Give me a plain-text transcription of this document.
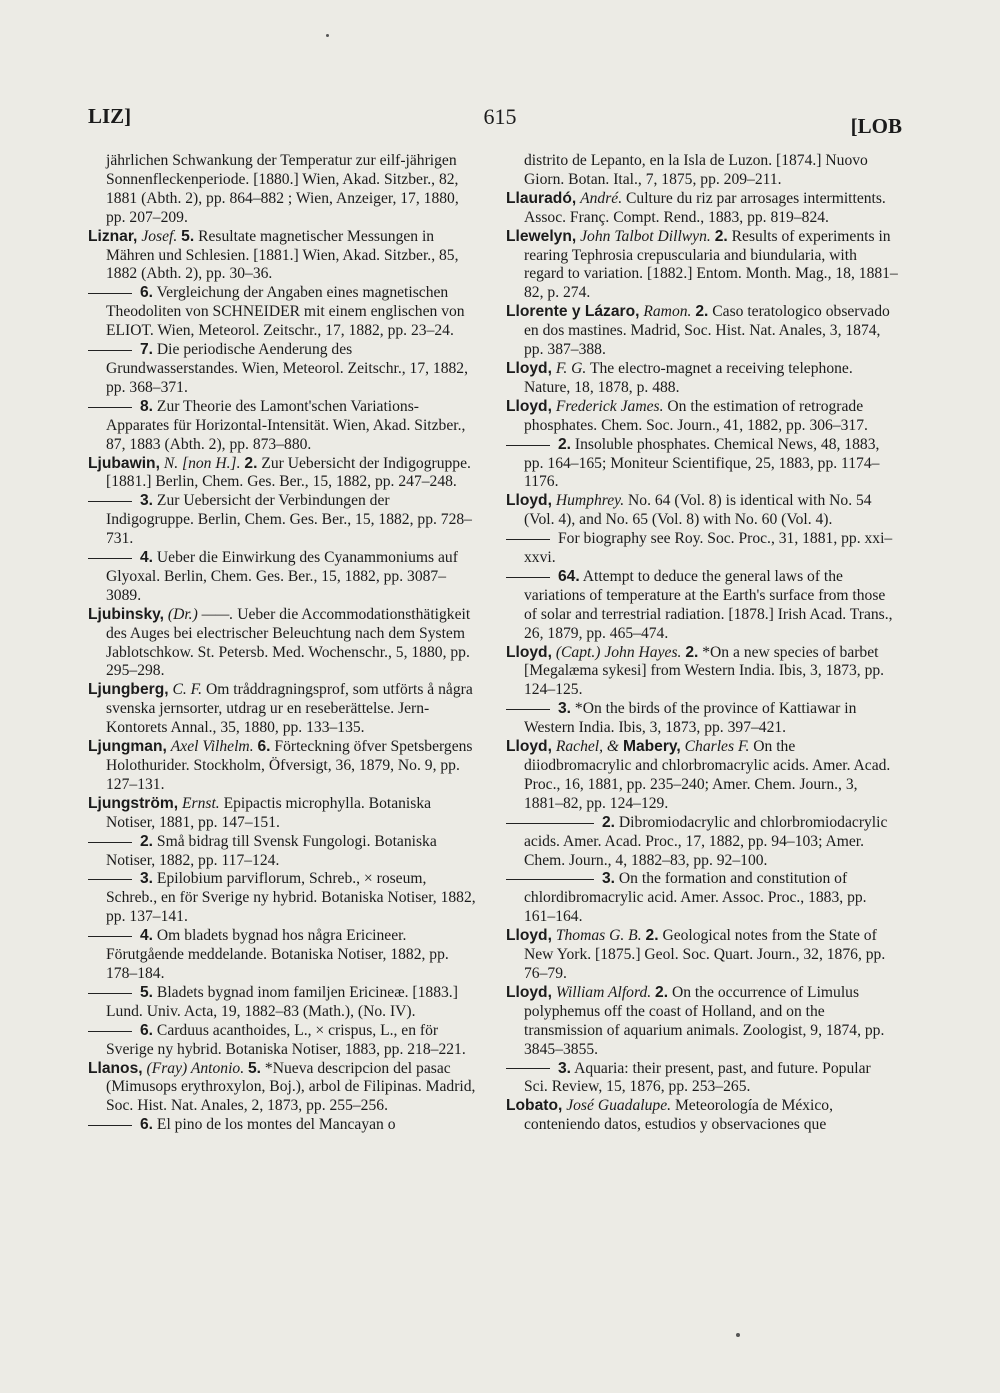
LIZ]	615	[LOB

jährlichen Schwankung der Temperatur zur eilf-jährigen Sonnenfleckenperiode. [1880.] Wien, Akad. Sitzber., 82, 1881 (Abth. 2), pp. 864–882 ; Wien, Anzeiger, 17, 1880, pp. 207–209.

Liznar, Josef. 5. Resultate magnetischer Messungen in Mähren und Schlesien. [1881.] Wien, Akad. Sitzber., 85, 1882 (Abth. 2), pp. 30–36.

6. Vergleichung der Angaben eines magnetischen Theodoliten von SCHNEIDER mit einem englischen von ELIOT. Wien, Meteorol. Zeitschr., 17, 1882, pp. 23–24.

7. Die periodische Aenderung des Grundwasserstandes. Wien, Meteorol. Zeitschr., 17, 1882, pp. 368–371.

8. Zur Theorie des Lamont'schen Variations-Apparates für Horizontal-Intensität. Wien, Akad. Sitzber., 87, 1883 (Abth. 2), pp. 873–880.

Ljubawin, N. [non H.]. 2. Zur Uebersicht der Indigogruppe. [1881.] Berlin, Chem. Ges. Ber., 15, 1882, pp. 247–248.

3. Zur Uebersicht der Verbindungen der Indigogruppe. Berlin, Chem. Ges. Ber., 15, 1882, pp. 728–731.

4. Ueber die Einwirkung des Cyanammoniums auf Glyoxal. Berlin, Chem. Ges. Ber., 15, 1882, pp. 3087–3089.

Ljubinsky, (Dr.) ——. Ueber die Accommodationsthätigkeit des Auges bei electrischer Beleuchtung nach dem System Jablotschkow. St. Petersb. Med. Wochenschr., 5, 1880, pp. 295–298.

Ljungberg, C. F. Om tråddragningsprof, som utförts å några svenska jernsorter, utdrag ur en reseberättelse. Jern-Kontorets Annal., 35, 1880, pp. 133–135.

Ljungman, Axel Vilhelm. 6. Förteckning öfver Spetsbergens Holothurider. Stockholm, Öfversigt, 36, 1879, No. 9, pp. 127–131.

Ljungström, Ernst. Epipactis microphylla. Botaniska Notiser, 1881, pp. 147–151.

2. Små bidrag till Svensk Fungologi. Botaniska Notiser, 1882, pp. 117–124.

3. Epilobium parviflorum, Schreb., × roseum, Schreb., en för Sverige ny hybrid. Botaniska Notiser, 1882, pp. 137–141.

4. Om bladets bygnad hos några Ericineer. Förutgående meddelande. Botaniska Notiser, 1882, pp. 178–184.

5. Bladets bygnad inom familjen Ericineæ. [1883.] Lund. Univ. Acta, 19, 1882–83 (Math.), (No. IV).

6. Carduus acanthoides, L., × crispus, L., en för Sverige ny hybrid. Botaniska Notiser, 1883, pp. 218–221.

Llanos, (Fray) Antonio. 5. *Nueva descripcion del pasac (Mimusops erythroxylon, Boj.), arbol de Filipinas. Madrid, Soc. Hist. Nat. Anales, 2, 1873, pp. 255–256.

6. El pino de los montes del Mancayan o

distrito de Lepanto, en la Isla de Luzon. [1874.] Nuovo Giorn. Botan. Ital., 7, 1875, pp. 209–211.

Llauradó, André. Culture du riz par arrosages intermittents. Assoc. Franç. Compt. Rend., 1883, pp. 819–824.

Llewelyn, John Talbot Dillwyn. 2. Results of experiments in rearing Tephrosia crepuscularia and biundularia, with regard to variation. [1882.] Entom. Month. Mag., 18, 1881–82, p. 274.

Llorente y Lázaro, Ramon. 2. Caso teratologico observado en dos mastines. Madrid, Soc. Hist. Nat. Anales, 3, 1874, pp. 387–388.

Lloyd, F. G. The electro-magnet a receiving telephone. Nature, 18, 1878, p. 488.

Lloyd, Frederick James. On the estimation of retrograde phosphates. Chem. Soc. Journ., 41, 1882, pp. 306–317.

2. Insoluble phosphates. Chemical News, 48, 1883, pp. 164–165; Moniteur Scientifique, 25, 1883, pp. 1174–1176.

Lloyd, Humphrey. No. 64 (Vol. 8) is identical with No. 54 (Vol. 4), and No. 65 (Vol. 8) with No. 60 (Vol. 4).

For biography see Roy. Soc. Proc., 31, 1881, pp. xxi–xxvi.

64. Attempt to deduce the general laws of the variations of temperature at the Earth's surface from those of solar and terrestrial radiation. [1878.] Irish Acad. Trans., 26, 1879, pp. 465–474.

Lloyd, (Capt.) John Hayes. 2. *On a new species of barbet [Megalæma sykesi] from Western India. Ibis, 3, 1873, pp. 124–125.

3. *On the birds of the province of Kattiawar in Western India. Ibis, 3, 1873, pp. 397–421.

Lloyd, Rachel, & Mabery, Charles F. On the diiodbromacrylic and chlorbromacrylic acids. Amer. Acad. Proc., 16, 1881, pp. 235–240; Amer. Chem. Journ., 3, 1881–82, pp. 124–129.

2. Dibromiodacrylic and chlorbromiodacrylic acids. Amer. Acad. Proc., 17, 1882, pp. 94–103; Amer. Chem. Journ., 4, 1882–83, pp. 92–100.

3. On the formation and constitution of chlordibromacrylic acid. Amer. Assoc. Proc., 1883, pp. 161–164.

Lloyd, Thomas G. B. 2. Geological notes from the State of New York. [1875.] Geol. Soc. Quart. Journ., 32, 1876, pp. 76–79.

Lloyd, William Alford. 2. On the occurrence of Limulus polyphemus off the coast of Holland, and on the transmission of aquarium animals. Zoologist, 9, 1874, pp. 3845–3855.

3. Aquaria: their present, past, and future. Popular Sci. Review, 15, 1876, pp. 253–265.

Lobato, José Guadalupe. Meteorología de México, conteniendo datos, estudios y observaciones que
